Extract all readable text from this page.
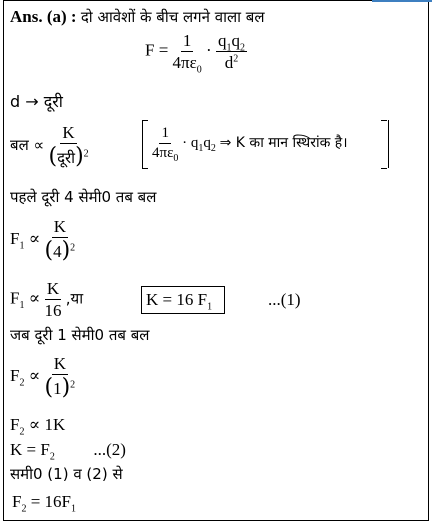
Ans. (a) : दो आवेशों के बीच लगने वाला बल
$F = \frac{1}{4\pi\varepsilon_0} \cdot \frac{q_1q_2}{d^2}$
d → दूरी
बल ∝ $\frac{K}{(दूरी)^2}$	$\frac{1}{4\pi\varepsilon_0} \cdot q_1q_2$ ⇒ K का मान स्थिरांक है।
पहले दूरी 4 सेमी0 तब बल
$F_1 \propto \frac{K}{(4)^2}$
$F_1 \propto \frac{K}{16}$ ,या	K = 16 $F_1$	...(1)
जब दूरी 1 सेमी0 तब बल
$F_2 \propto \frac{K}{(1)^2}$
$F_2 \propto 1K$
$K = F_2$ ...(2)
समी0 (1) व (2) से
$F_2 = 16F_1$
